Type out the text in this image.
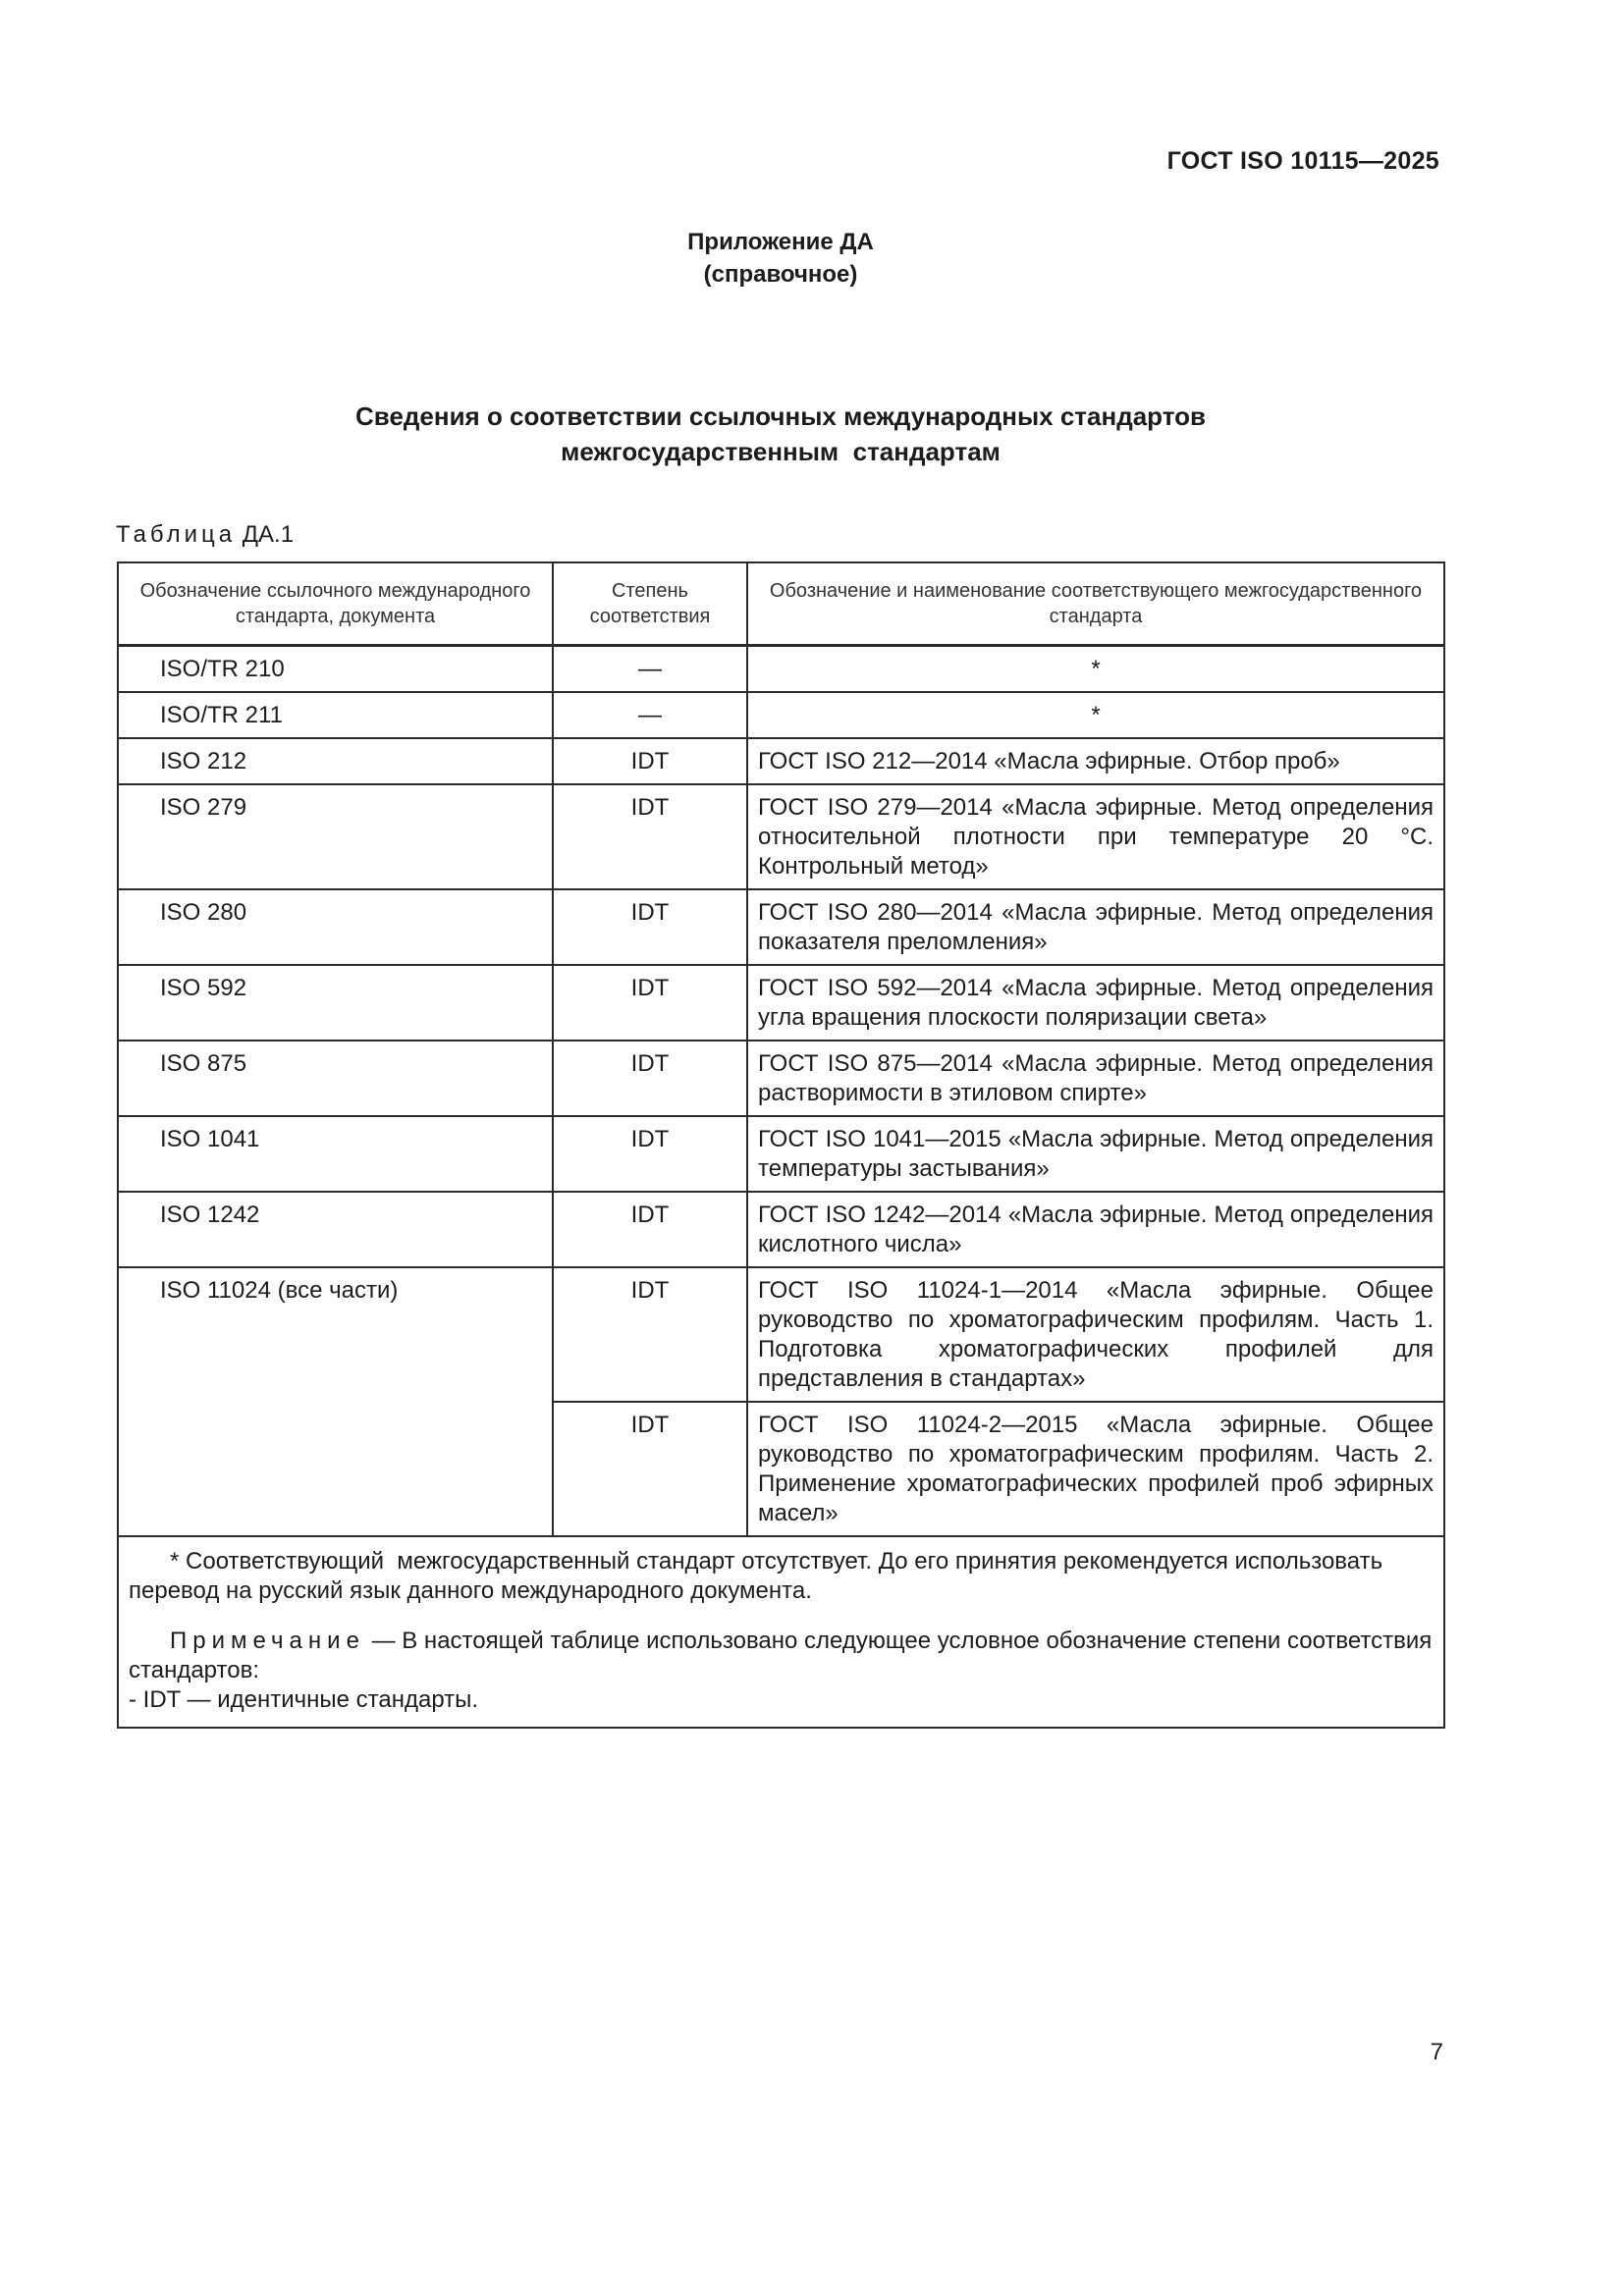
ГОСТ ISO 10115—2025
Приложение ДА
(справочное)
Сведения о соответствии ссылочных международных стандартов
межгосударственным  стандартам
Таблица ДА.1
Обозначение ссылочного международного стандарта, документа	Степень соответствия	Обозначение и наименование соответствующего межгосударственного стандарта
ISO/TR 210	—	*
ISO/TR 211	—	*
ISO 212	IDT	ГОСТ ISO 212—2014 «Масла эфирные. Отбор проб»
ISO 279	IDT	ГОСТ ISO 279—2014 «Масла эфирные. Метод определения относительной плотности при температуре 20 °С. Контрольный метод»
ISO 280	IDT	ГОСТ ISO 280—2014 «Масла эфирные. Метод определения показателя преломления»
ISO 592	IDT	ГОСТ ISO 592—2014 «Масла эфирные. Метод определения угла вращения плоскости поляризации света»
ISO 875	IDT	ГОСТ ISO 875—2014 «Масла эфирные. Метод определения растворимости в этиловом спирте»
ISO 1041	IDT	ГОСТ ISO 1041—2015 «Масла эфирные. Метод определения температуры застывания»
ISO 1242	IDT	ГОСТ ISO 1242—2014 «Масла эфирные. Метод определения кислотного числа»
ISO 11024 (все части)	IDT	ГОСТ ISO 11024-1—2014 «Масла эфирные. Общее руководство по хроматографическим профилям. Часть 1. Подготовка хроматографических профилей для представления в стандартах»
	IDT	ГОСТ ISO 11024-2—2015 «Масла эфирные. Общее руководство по хроматографическим профилям. Часть 2. Применение хроматографических профилей проб эфирных масел»

* Соответствующий  межгосударственный стандарт отсутствует. До его принятия рекомендуется использовать перевод на русский язык данного международного документа.
Примечание — В настоящей таблице использовано следующее условное обозначение степени соответствия стандартов:
- IDT — идентичные стандарты.		
7
